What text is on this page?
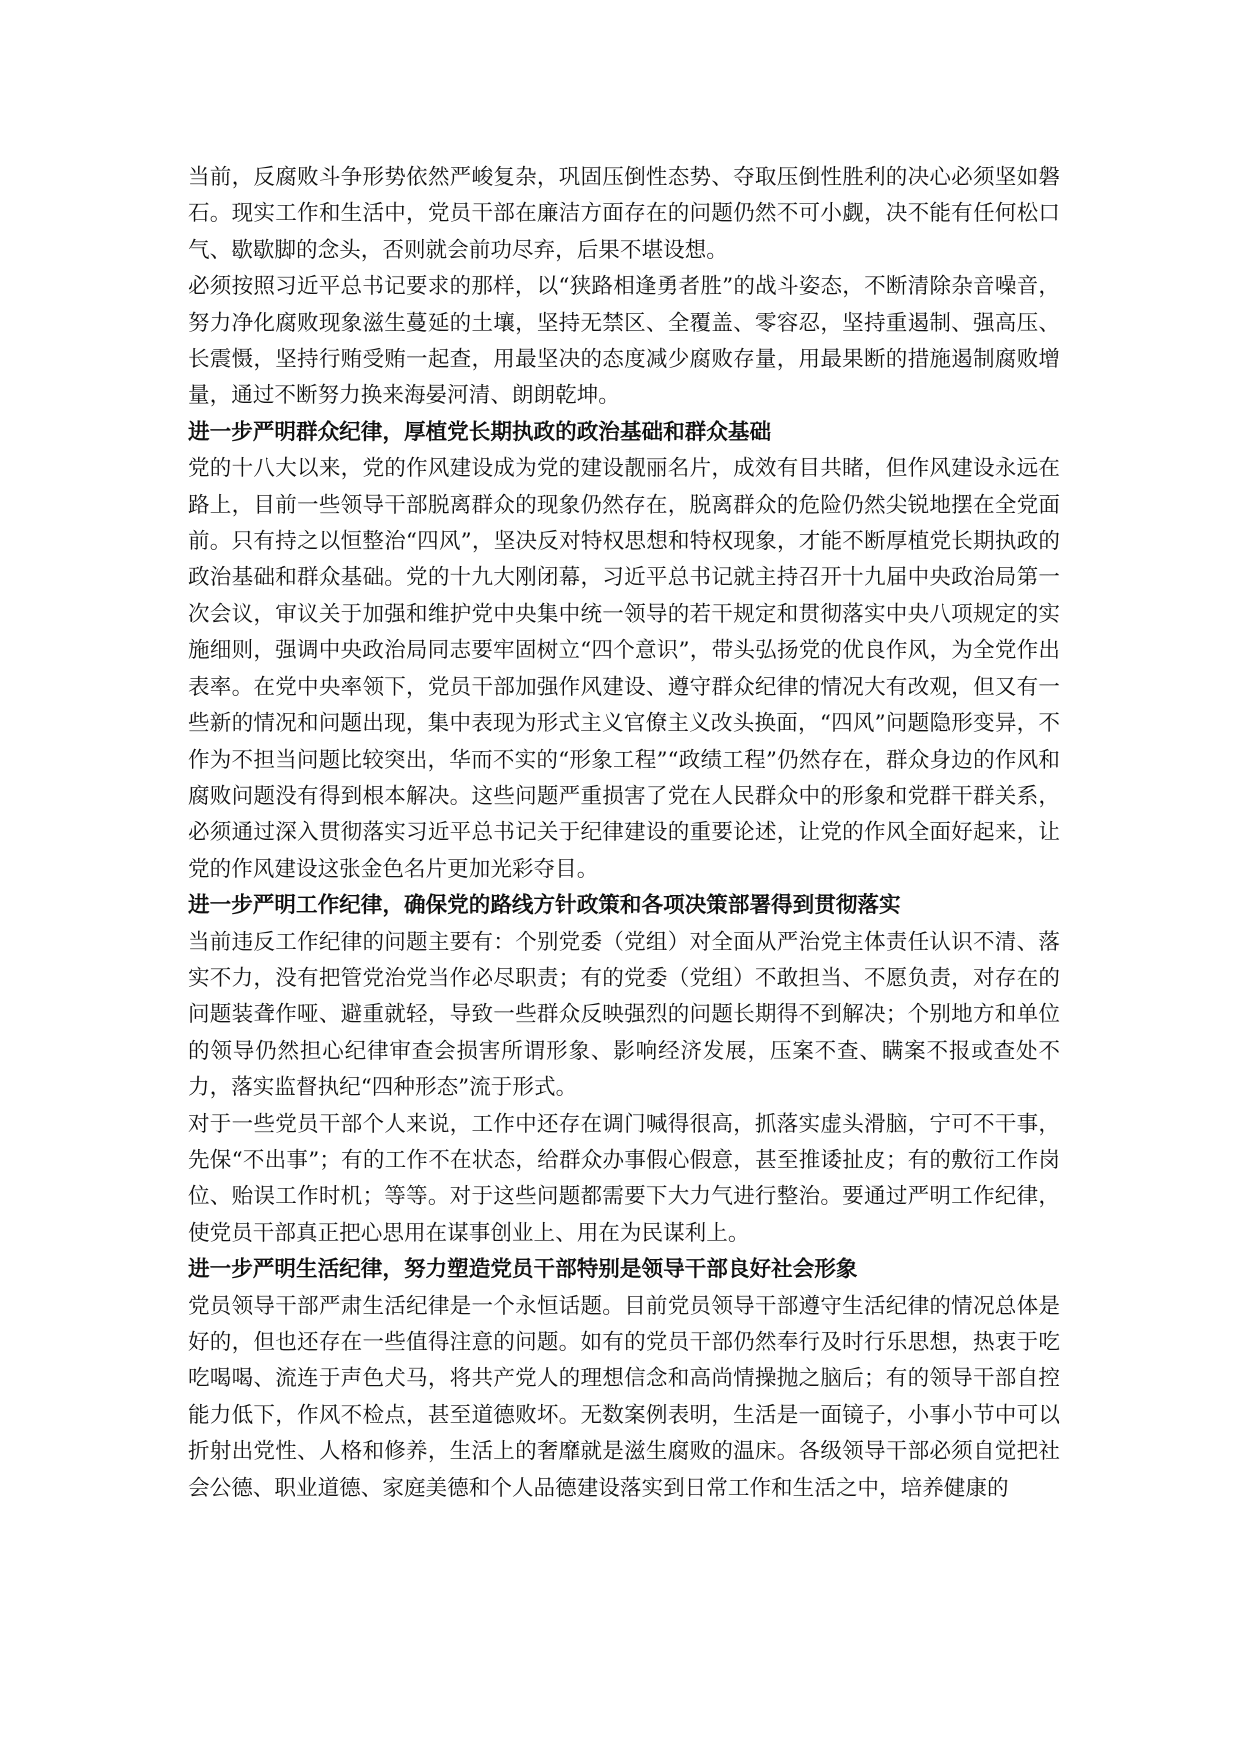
当前，反腐败斗争形势依然严峻复杂，巩固压倒性态势、夺取压倒性胜利的决心必须坚如磐石。现实工作和生活中，党员干部在廉洁方面存在的问题仍然不可小觑，决不能有任何松口气、歇歇脚的念头，否则就会前功尽弃，后果不堪设想。

必须按照习近平总书记要求的那样，以“狭路相逢勇者胜”的战斗姿态，不断清除杂音噪音，努力净化腐败现象滋生蔓延的土壤，坚持无禁区、全覆盖、零容忍，坚持重遏制、强高压、长震慑，坚持行贿受贿一起查，用最坚决的态度减少腐败存量，用最果断的措施遏制腐败增量，通过不断努力换来海晏河清、朗朗乾坤。

进一步严明群众纪律，厚植党长期执政的政治基础和群众基础

党的十八大以来，党的作风建设成为党的建设靓丽名片，成效有目共睹，但作风建设永远在路上，目前一些领导干部脱离群众的现象仍然存在，脱离群众的危险仍然尖锐地摆在全党面前。只有持之以恒整治“四风”，坚决反对特权思想和特权现象，才能不断厚植党长期执政的政治基础和群众基础。党的十九大刚闭幕，习近平总书记就主持召开十九届中央政治局第一次会议，审议关于加强和维护党中央集中统一领导的若干规定和贯彻落实中央八项规定的实施细则，强调中央政治局同志要牢固树立“四个意识”，带头弘扬党的优良作风，为全党作出表率。在党中央率领下，党员干部加强作风建设、遵守群众纪律的情况大有改观，但又有一些新的情况和问题出现，集中表现为形式主义官僚主义改头换面，“四风”问题隐形变异，不作为不担当问题比较突出，华而不实的“形象工程”“政绩工程”仍然存在，群众身边的作风和腐败问题没有得到根本解决。这些问题严重损害了党在人民群众中的形象和党群干群关系，必须通过深入贯彻落实习近平总书记关于纪律建设的重要论述，让党的作风全面好起来，让党的作风建设这张金色名片更加光彩夺目。

进一步严明工作纪律，确保党的路线方针政策和各项决策部署得到贯彻落实

当前违反工作纪律的问题主要有：个别党委（党组）对全面从严治党主体责任认识不清、落实不力，没有把管党治党当作必尽职责；有的党委（党组）不敢担当、不愿负责，对存在的问题装聋作哑、避重就轻，导致一些群众反映强烈的问题长期得不到解决；个别地方和单位的领导仍然担心纪律审查会损害所谓形象、影响经济发展，压案不查、瞒案不报或查处不力，落实监督执纪“四种形态”流于形式。

对于一些党员干部个人来说，工作中还存在调门喊得很高，抓落实虚头滑脑，宁可不干事，先保“不出事”；有的工作不在状态，给群众办事假心假意，甚至推诿扯皮；有的敷衍工作岗位、贻误工作时机；等等。对于这些问题都需要下大力气进行整治。要通过严明工作纪律，使党员干部真正把心思用在谋事创业上、用在为民谋利上。

进一步严明生活纪律，努力塑造党员干部特别是领导干部良好社会形象

党员领导干部严肃生活纪律是一个永恒话题。目前党员领导干部遵守生活纪律的情况总体是好的，但也还存在一些值得注意的问题。如有的党员干部仍然奉行及时行乐思想，热衷于吃吃喝喝、流连于声色犬马，将共产党人的理想信念和高尚情操抛之脑后；有的领导干部自控能力低下，作风不检点，甚至道德败坏。无数案例表明，生活是一面镜子，小事小节中可以折射出党性、人格和修养，生活上的奢靡就是滋生腐败的温床。各级领导干部必须自觉把社会公德、职业道德、家庭美德和个人品德建设落实到日常工作和生活之中，培养健康的
